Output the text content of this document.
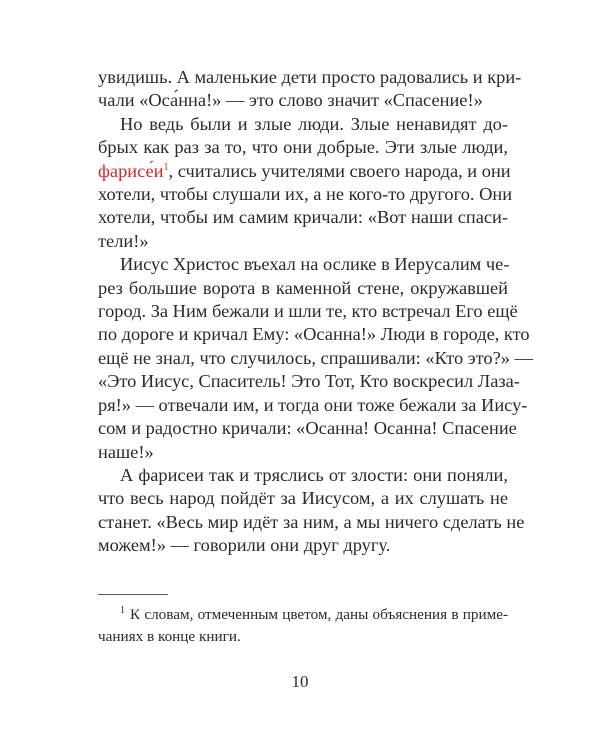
увидишь. А маленькие дети просто радовались и кри-
чали «Оса́нна!» — это слово значит «Спасение!»
Но ведь были и злые люди. Злые ненавидят до-
брых как раз за то, что они добрые. Эти злые люди,
фарисе́и$^1$, считались учителями своего народа, и они
хотели, чтобы слушали их, а не кого-то другого. Они
хотели, чтобы им самим кричали: «Вот наши спаси-
тели!»
Иисус Христос въехал на ослике в Иерусалим че-
рез большие ворота в каменной стене, окружавшей
город. За Ним бежали и шли те, кто встречал Его ещё
по дороге и кричал Ему: «Осанна!» Люди в городе, кто
ещё не знал, что случилось, спрашивали: «Кто это?» —
«Это Иисус, Спаситель! Это Тот, Кто воскресил Лаза-
ря!» — отвечали им, и тогда они тоже бежали за Иису-
сом и радостно кричали: «Осанна! Осанна! Спасение
наше!»
А фарисеи так и тряслись от злости: они поняли,
что весь народ пойдёт за Иисусом, а их слушать не
станет. «Весь мир идёт за ним, а мы ничего сделать не
можем!» — говорили они друг другу.
$^1$ К словам, отмеченным цветом, даны объяснения в приме-
чаниях в конце книги.
10
